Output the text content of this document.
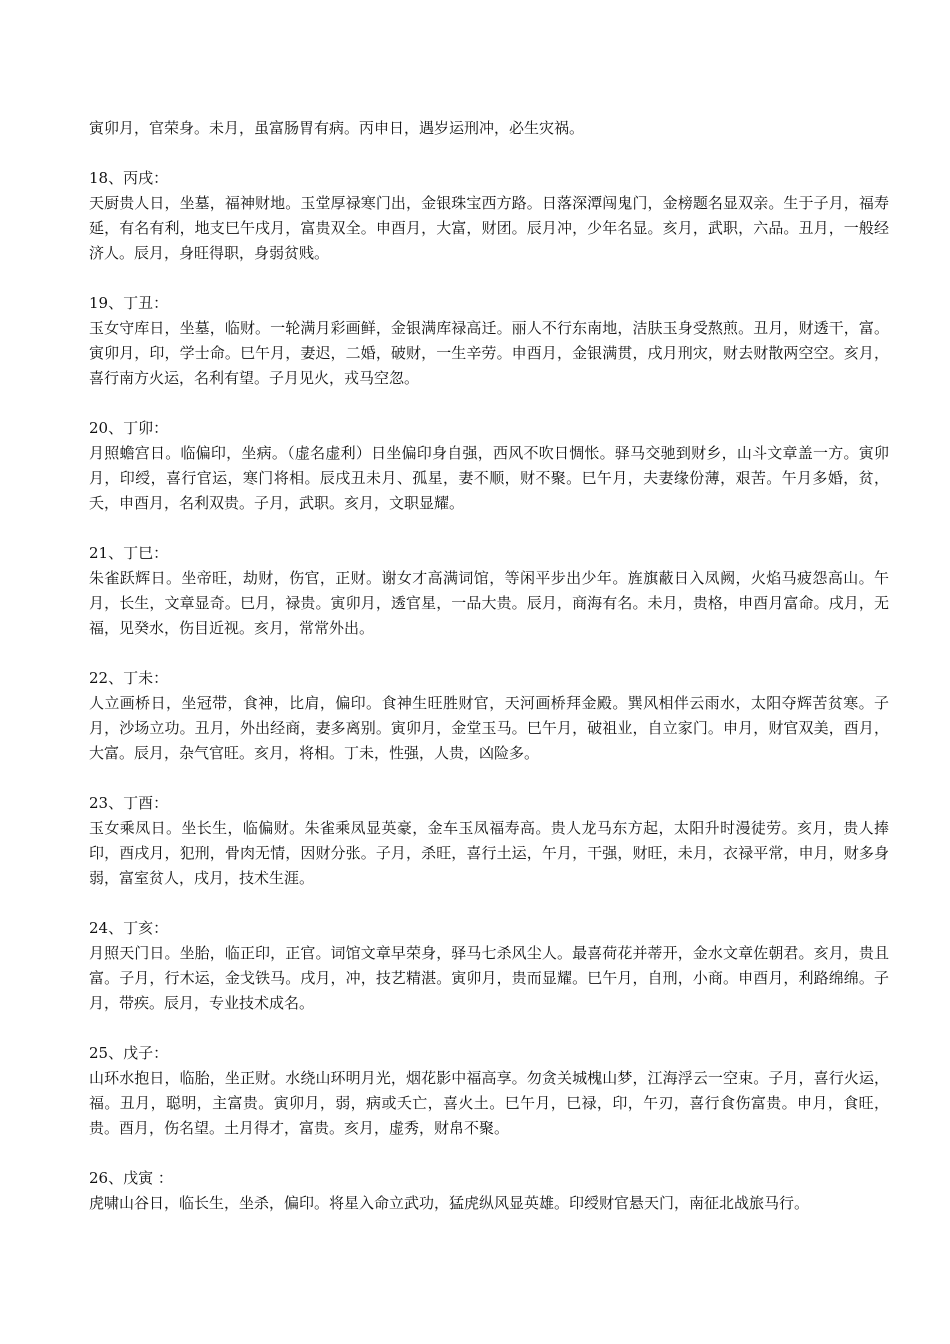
寅卯月，官荣身。未月，虽富肠胃有病。丙申日，遇岁运刑冲，必生灾祸。

18、丙戌：

天厨贵人日，坐墓，福神财地。玉堂厚禄寒门出，金银珠宝西方路。日落深潭闯鬼门，金榜题名显双亲。生于子月，福寿延，有名有利，地支巳午戌月，富贵双全。申酉月，大富，财团。辰月冲，少年名显。亥月，武职，六品。丑月，一般经济人。辰月，身旺得职，身弱贫贱。

19、丁丑：

玉女守库日，坐墓，临财。一轮满月彩画鲜，金银满库禄高迁。丽人不行东南地，洁肤玉身受熬煎。丑月，财透干，富。寅卯月，印，学士命。巳午月，妻迟，二婚，破财，一生辛劳。申酉月，金银满贯，戌月刑灾，财去财散两空空。亥月，喜行南方火运，名利有望。子月见火，戎马空忽。

20、丁卯：

月照蟾宫日。临偏印，坐病。（虚名虚利）日坐偏印身自强，西风不吹日惆怅。驿马交驰到财乡，山斗文章盖一方。寅卯月，印绶，喜行官运，寒门将相。辰戌丑未月、孤星，妻不顺，财不聚。巳午月，夫妻缘份薄，艰苦。午月多婚，贫，夭，申酉月，名利双贵。子月，武职。亥月，文职显耀。

21、丁巳：

朱雀跃辉日。坐帝旺，劫财，伤官，正财。谢女才高满词馆，等闲平步出少年。旌旗蔽日入凤阙，火焰马疲怨高山。午月，长生，文章显奇。巳月，禄贵。寅卯月，透官星，一品大贵。辰月，商海有名。未月，贵格，申酉月富命。戌月，无福，见癸水，伤目近视。亥月，常常外出。

22、丁未：

人立画桥日，坐冠带，食神，比肩，偏印。食神生旺胜财官，天河画桥拜金殿。巽风相伴云雨水，太阳夺辉苦贫寒。子月，沙场立功。丑月，外出经商，妻多离别。寅卯月，金堂玉马。巳午月，破祖业，自立家门。申月，财官双美，酉月，大富。辰月，杂气官旺。亥月，将相。丁未，性强，人贵，凶险多。

23、丁酉：

玉女乘凤日。坐长生，临偏财。朱雀乘凤显英豪，金车玉凤福寿高。贵人龙马东方起，太阳升时漫徒劳。亥月，贵人捧印，酉戌月，犯刑，骨肉无情，因财分张。子月，杀旺，喜行土运，午月，干强，财旺，未月，衣禄平常，申月，财多身弱，富室贫人，戌月，技术生涯。

24、丁亥：

月照天门日。坐胎，临正印，正官。词馆文章早荣身，驿马七杀风尘人。最喜荷花并蒂开，金水文章佐朝君。亥月，贵且富。子月，行木运，金戈铁马。戌月，冲，技艺精湛。寅卯月，贵而显耀。巳午月，自刑，小商。申酉月，利路绵绵。子月，带疾。辰月，专业技术成名。

25、戊子：

山环水抱日，临胎，坐正财。水绕山环明月光，烟花影中福高享。勿贪关城槐山梦，江海浮云一空束。子月，喜行火运，福。丑月，聪明，主富贵。寅卯月，弱，病或夭亡，喜火土。巳午月，巳禄，印，午刃，喜行食伤富贵。申月，食旺，贵。酉月，伤名望。土月得才，富贵。亥月，虚秀，财帛不聚。

26、戊寅 ：

虎啸山谷日，临长生，坐杀，偏印。将星入命立武功，猛虎纵风显英雄。印绶财官悬天门，南征北战旅马行。
